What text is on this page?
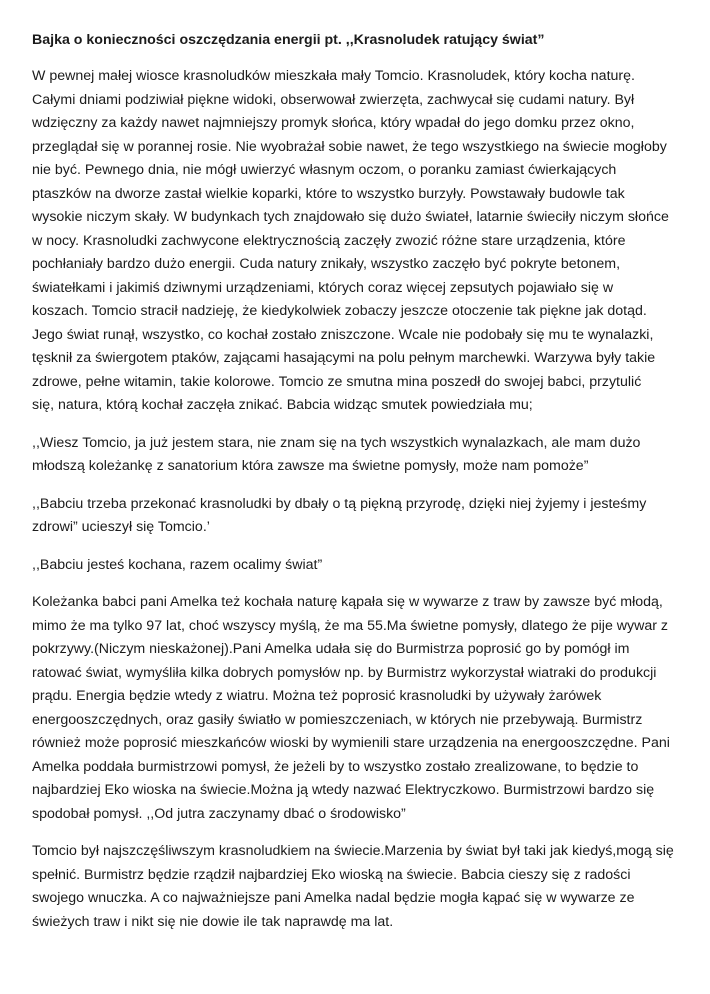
Bajka o konieczności oszczędzania energii pt. ,,Krasnoludek ratujący świat”
W pewnej małej wiosce krasnoludków mieszkała mały Tomcio. Krasnoludek, który kocha naturę.
Całymi dniami podziwiał piękne widoki, obserwował zwierzęta, zachwycał się cudami natury. Był
wdzięczny za każdy nawet najmniejszy promyk słońca, który wpadał do jego domku przez okno,
przeglądał się w porannej rosie. Nie wyobrażał sobie nawet, że tego wszystkiego na świecie mogłoby
nie być. Pewnego dnia, nie mógł uwierzyć własnym oczom, o poranku zamiast ćwierkających
ptaszków na dworze zastał wielkie koparki, które to wszystko burzyły. Powstawały budowle tak
wysokie niczym skały. W budynkach tych znajdowało się dużo świateł, latarnie świeciły niczym słońce
w nocy. Krasnoludki zachwycone elektrycznością zaczęły zwozić różne stare urządzenia, które
pochłaniały bardzo dużo energii. Cuda natury znikały, wszystko zaczęło być pokryte betonem,
światełkami i jakimiś dziwnymi urządzeniami, których coraz więcej zepsutych pojawiało się w
koszach. Tomcio stracił nadzieję, że kiedykolwiek zobaczy jeszcze otoczenie tak piękne jak dotąd.
Jego świat runął, wszystko, co kochał zostało zniszczone. Wcale nie podobały się mu te wynalazki,
tęsknił za świergotem ptaków, zającami hasającymi na polu pełnym marchewki. Warzywa były takie
zdrowe, pełne witamin, takie kolorowe. Tomcio ze smutna mina poszedł do swojej babci, przytulić
się, natura, którą kochał zaczęła znikać. Babcia widząc smutek powiedziała mu;
,,Wiesz Tomcio, ja już jestem stara, nie znam się na tych wszystkich wynalazkach, ale mam dużo
młodszą koleżankę z sanatorium która zawsze ma świetne pomysły, może nam pomoże”
,,Babciu trzeba przekonać krasnoludki by dbały o tą piękną przyrodę, dzięki niej żyjemy i jesteśmy
zdrowi” ucieszył się Tomcio.’
,,Babciu jesteś kochana, razem ocalimy świat”
Koleżanka babci pani Amelka też kochała naturę kąpała się w wywarze z traw by zawsze być młodą,
mimo że ma tylko 97 lat, choć wszyscy myślą, że ma 55.Ma świetne pomysły, dlatego że pije wywar z
pokrzywy.(Niczym nieskażonej).Pani Amelka udała się do Burmistrza poprosić go by pomógł im
ratować świat, wymyśliła kilka dobrych pomysłów np. by Burmistrz wykorzystał wiatraki do produkcji
prądu. Energia będzie wtedy z wiatru. Można też poprosić krasnoludki by używały żarówek
energooszczędnych, oraz gasiły światło w pomieszczeniach, w których nie przebywają. Burmistrz
również może poprosić mieszkańców wioski by wymienili stare urządzenia na energooszczędne. Pani
Amelka poddała burmistrzowi pomysł, że jeżeli by to wszystko zostało zrealizowane, to będzie to
najbardziej Eko wioska na świecie.Można ją wtedy nazwać Elektryczkowo. Burmistrzowi bardzo się
spodobał pomysł. ,,Od jutra zaczynamy dbać o środowisko”
Tomcio był najszczęśliwszym krasnoludkiem na świecie.Marzenia by świat był taki jak kiedyś,mogą się
spełnić. Burmistrz będzie rządził najbardziej Eko wioską na świecie. Babcia cieszy się z radości
swojego wnuczka. A co najważniejsze pani Amelka nadal będzie mogła kąpać się w wywarze ze
świeżych traw i nikt się nie dowie ile tak naprawdę ma lat.
